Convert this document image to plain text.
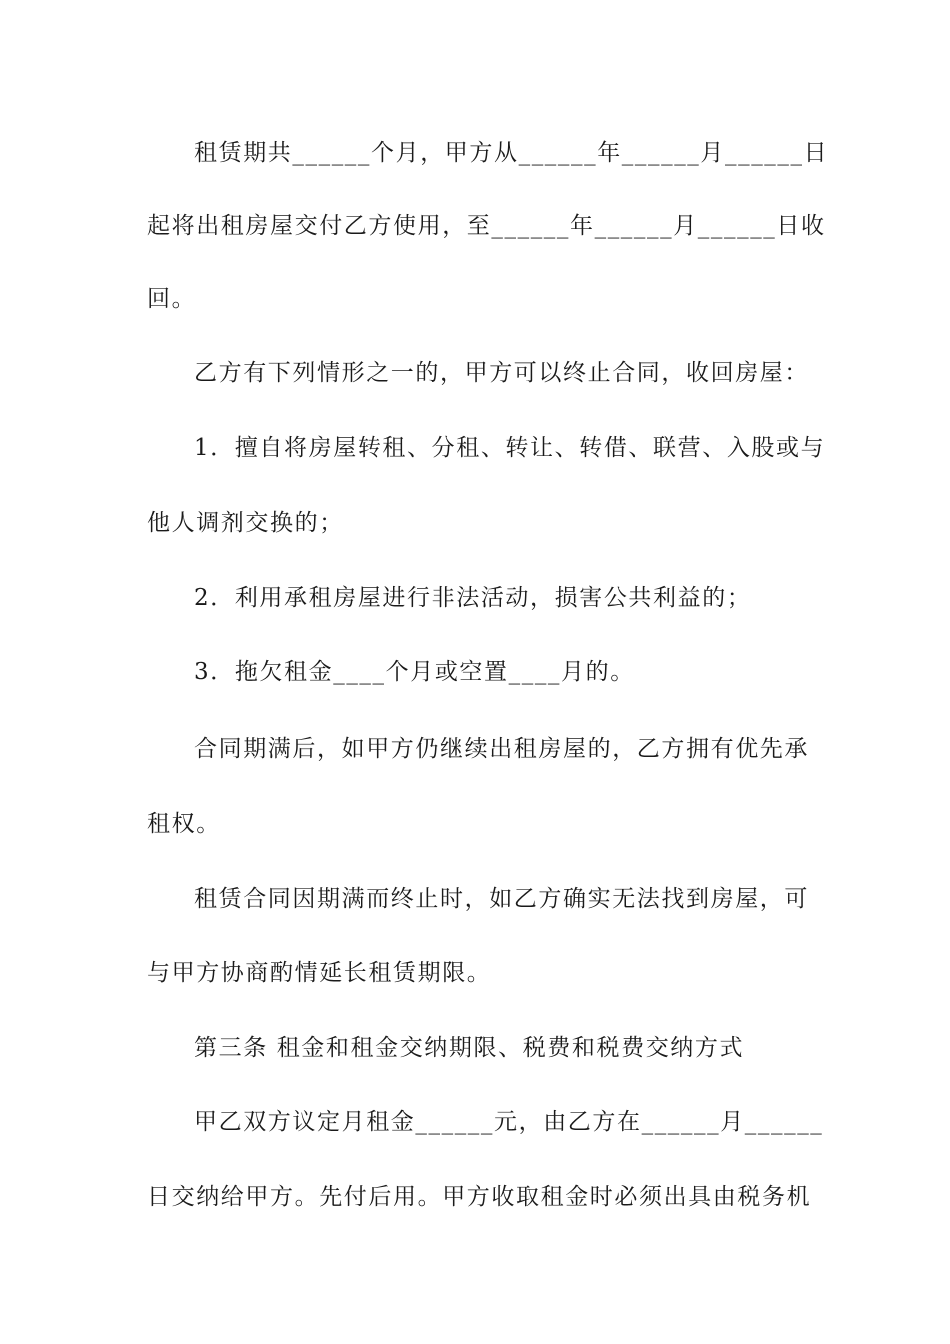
租赁期共______个月，甲方从______年______月______日
起将出租房屋交付乙方使用，至______年______月______日收
回。
乙方有下列情形之一的，甲方可以终止合同，收回房屋：
1．擅自将房屋转租、分租、转让、转借、联营、入股或与
他人调剂交换的；
2．利用承租房屋进行非法活动，损害公共利益的；
3．拖欠租金____个月或空置____月的。
合同期满后，如甲方仍继续出租房屋的，乙方拥有优先承
租权。
租赁合同因期满而终止时，如乙方确实无法找到房屋，可
与甲方协商酌情延长租赁期限。
第三条 租金和租金交纳期限、税费和税费交纳方式
甲乙双方议定月租金______元，由乙方在______月______
日交纳给甲方。先付后用。甲方收取租金时必须出具由税务机
